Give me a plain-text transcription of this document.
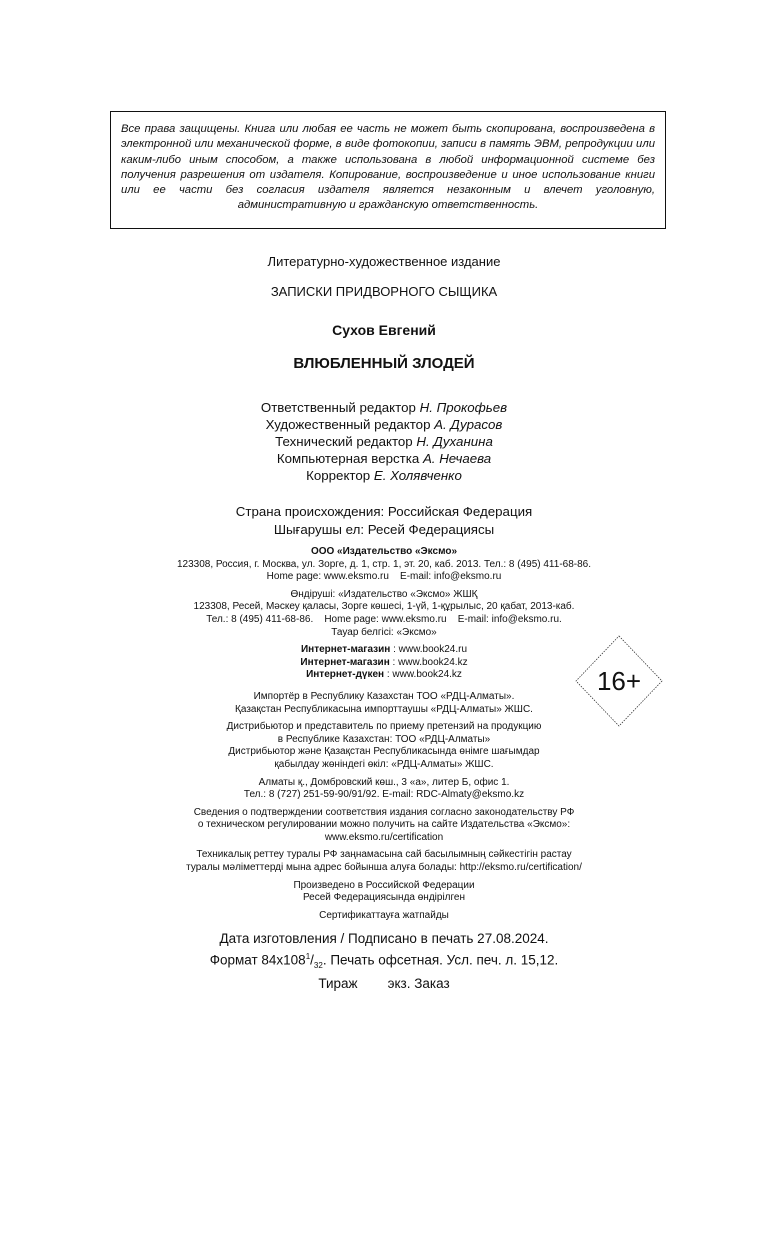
Все права защищены. Книга или любая ее часть не может быть скопирована, воспроизведена в электронной или механической форме, в виде фотокопии, записи в память ЭВМ, репродукции или каким-либо иным способом, а также использована в любой информационной системе без получения разрешения от издателя. Копирование, воспроизведение и иное использование книги или ее части без согласия издателя является незаконным и влечет уголовную, административную и гражданскую ответственность.
Литературно-художественное издание
ЗАПИСКИ ПРИДВОРНОГО СЫЩИКА
Сухов Евгений
ВЛЮБЛЕННЫЙ ЗЛОДЕЙ
Ответственный редактор Н. Прокофьев
Художественный редактор А. Дурасов
Технический редактор Н. Духанина
Компьютерная верстка А. Нечаева
Корректор Е. Холявченко
Страна происхождения: Российская Федерация
Шығарушы ел: Ресей Федерациясы
ООО «Издательство «Эксмо»
123308, Россия, г. Москва, ул. Зорге, д. 1, стр. 1, эт. 20, каб. 2013. Тел.: 8 (495) 411-68-86.
Home page: www.eksmo.ru    E-mail: info@eksmo.ru
Өндіруші: «Издательство «Эксмо» ЖШҚ
123308, Ресей, Мәскеу қаласы, Зорге көшесі, 1-үй, 1-құрылыс, 20 қабат, 2013-каб.
Тел.: 8 (495) 411-68-86.    Home page: www.eksmo.ru    E-mail: info@eksmo.ru.
Тауар белгісі: «Эксмо»
Интернет-магазин : www.book24.ru
Интернет-магазин : www.book24.kz
Интернет-дүкен : www.book24.kz
Импортёр в Республику Казахстан ТОО «РДЦ-Алматы».
Қазақстан Республикасына импорттаушы «РДЦ-Алматы» ЖШС.
Дистрибьютор и представитель по приему претензий на продукцию
в Республике Казахстан: ТОО «РДЦ-Алматы»
Дистрибьютор және Қазақстан Республикасында өнімге шағымдар
қабылдау жөніндегі өкіл: «РДЦ-Алматы» ЖШС.
Алматы қ., Домбровский көш., 3 «а», литер Б, офис 1.
Тел.: 8 (727) 251-59-90/91/92. E-mail: RDC-Almaty@eksmo.kz
Сведения о подтверждении соответствия издания согласно законодательству РФ
о техническом регулировании можно получить на сайте Издательства «Эксмо»:
www.eksmo.ru/certification
Техникалық реттеу туралы РФ заңнамасына сай басылымның сәйкестігін растау
туралы мәліметтерді мына адрес бойынша алуға болады: http://eksmo.ru/certification/
Произведено в Российской Федерации
Ресей Федерациясында өндірілген
Сертификаттауға жатпайды
16+
Дата изготовления / Подписано в печать 27.08.2024.
Формат $84x108^1/_{32}$. Печать офсетная. Усл. печ. л. 15,12.
Тираж        экз. Заказ
